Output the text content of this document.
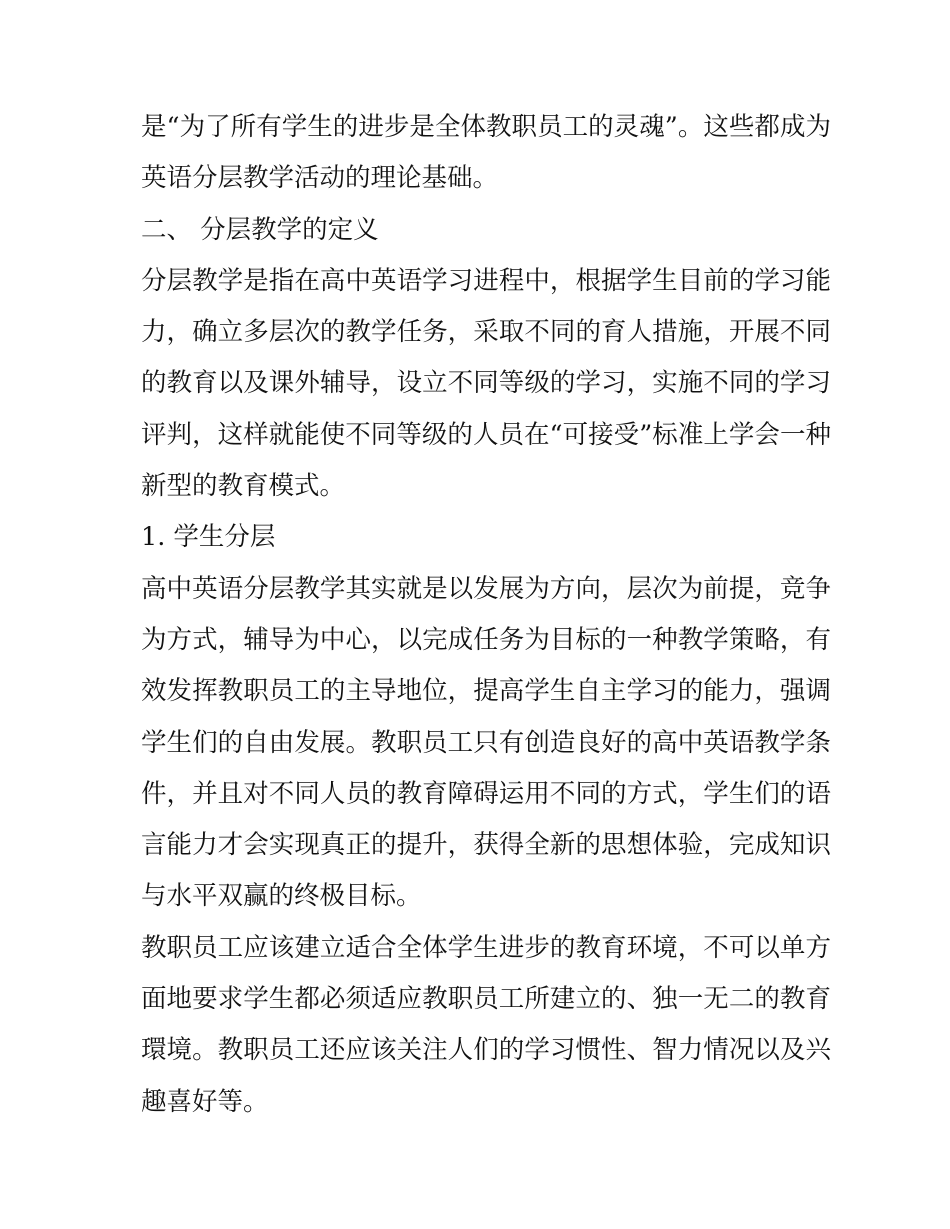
是“为了所有学生的进步是全体教职员工的灵魂”。这些都成为英语分层教学活动的理论基础。

二、 分层教学的定义

分层教学是指在高中英语学习进程中，根据学生目前的学习能力，确立多层次的教学任务，采取不同的育人措施，开展不同的教育以及课外辅导，设立不同等级的学习，实施不同的学习评判，这样就能使不同等级的人员在“可接受”标准上学会一种新型的教育模式。

1. 学生分层

高中英语分层教学其实就是以发展为方向，层次为前提，竞争为方式，辅导为中心，以完成任务为目标的一种教学策略，有效发挥教职员工的主导地位，提高学生自主学习的能力，强调学生们的自由发展。教职员工只有创造良好的高中英语教学条件，并且对不同人员的教育障碍运用不同的方式，学生们的语言能力才会实现真正的提升，获得全新的思想体验，完成知识与水平双赢的终极目标。

教职员工应该建立适合全体学生进步的教育环境，不可以单方面地要求学生都必须适应教职员工所建立的、独一无二的教育環境。教职员工还应该关注人们的学习惯性、智力情况以及兴趣喜好等。
